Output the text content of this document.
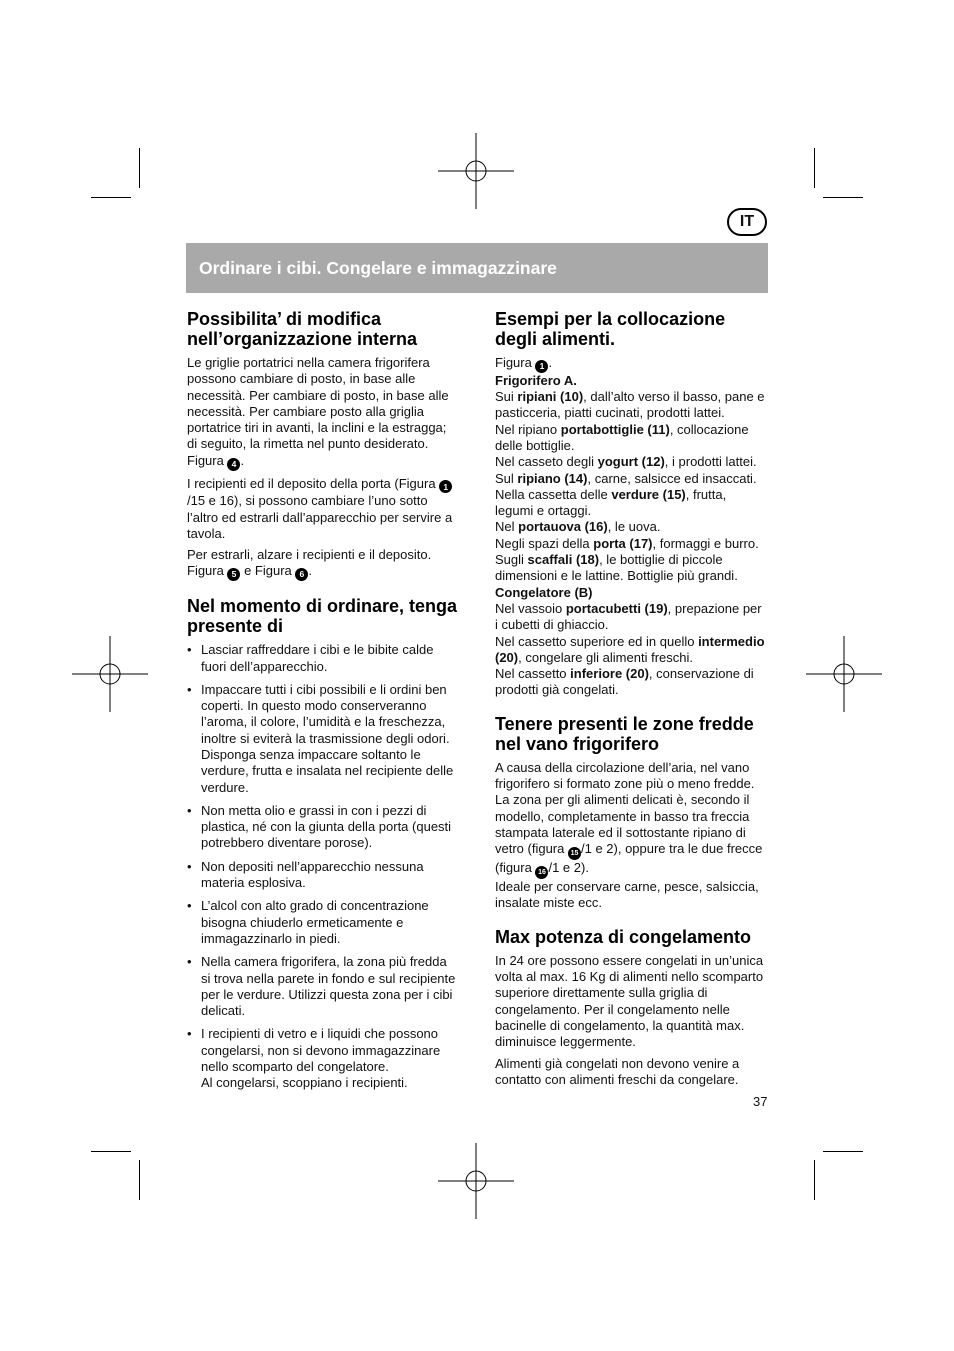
IT
Ordinare i cibi. Congelare e immagazzinare
Possibilita’ di modifica nell’organizzazione interna

Le griglie portatrici nella camera frigorifera possono cambiare di posto, in base alle necessità. Per cambiare di posto, in base alle necessità. Per cambiare posto alla griglia portatrice tiri in avanti, la inclini e la estragga; di seguito, la rimetta nel punto desiderato. Figura 4 .

I recipienti ed il deposito della porta (Figura 1/15 e 16), si possono cambiare l’uno sotto l’altro ed estrarli dall’apparecchio per servire a tavola.

Per estrarli, alzare i recipienti e il deposito. Figura 5 e Figura 6 .

Nel momento di ordinare, tenga presente di
• Lasciar raffreddare i cibi e le bibite calde fuori dell’apparecchio.
• Impaccare tutti i cibi possibili e li ordini ben coperti. In questo modo conserveranno l’aroma, il colore, l’umidità e la freschezza, inoltre si eviterà la trasmissione degli odori. Disponga senza impaccare soltanto le verdure, frutta e insalata nel recipiente delle verdure.
• Non metta olio e grassi in con i pezzi di plastica, né con la giunta della porta (questi potrebbero diventare porose).
• Non depositi nell’apparecchio nessuna materia esplosiva.
• L’alcol con alto grado di concentrazione bisogna chiuderlo ermeticamente e immagazzinarlo in piedi.
• Nella camera frigorifera, la zona più fredda si trova nella parete in fondo e sul recipiente per le verdure. Utilizzi questa zona per i cibi delicati.
• I recipienti di vetro e i liquidi che possono congelarsi, non si devono immagazzinare nello scomparto del congelatore.
Al congelarsi, scoppiano i recipienti.
Esempi per la collocazione degli alimenti.
Figura 1 .
Frigorifero A.
Sui ripiani (10), dall’alto verso il basso, pane e pasticceria, piatti cucinati, prodotti lattei.
Nel ripiano portabottiglie (11), collocazione delle bottiglie.
Nel casseto degli yogurt (12), i prodotti lattei.
Sul ripiano (14), carne, salsicce ed insaccati.
Nella cassetta delle verdure (15), frutta, legumi e ortaggi.
Nel portauova (16), le uova.
Negli spazi della porta (17), formaggi e burro.
Sugli scaffali (18), le bottiglie di piccole dimensioni e le lattine. Bottiglie più grandi.
Congelatore (B)
Nel vassoio portacubetti (19), prepazione per i cubetti di ghiaccio.
Nel cassetto superiore ed in quello intermedio (20), congelare gli alimenti freschi.
Nel cassetto inferiore (20), conservazione di prodotti già congelati.
Tenere presenti le zone fredde nel vano frigorifero

A causa della circolazione dell’aria, nel vano frigorifero si formato zone più o meno fredde. La zona per gli alimenti delicati è, secondo il modello, completamente in basso tra freccia stampata laterale ed il sottostante ripiano di vetro (figura 15 /1 e 2), oppure tra le due frecce (figura 16 /1 e 2).
Ideale per conservare carne, pesce, salsiccia, insalate miste ecc.

Max potenza di congelamento

In 24 ore possono essere congelati in un’unica volta al max. 16 Kg di alimenti nello scomparto superiore direttamente sulla griglia di congelamento. Per il congelamento nelle bacinelle di congelamento, la quantità max. diminuisce leggermente.

Alimenti già congelati non devono venire a contatto con alimenti freschi da congelare.

37
